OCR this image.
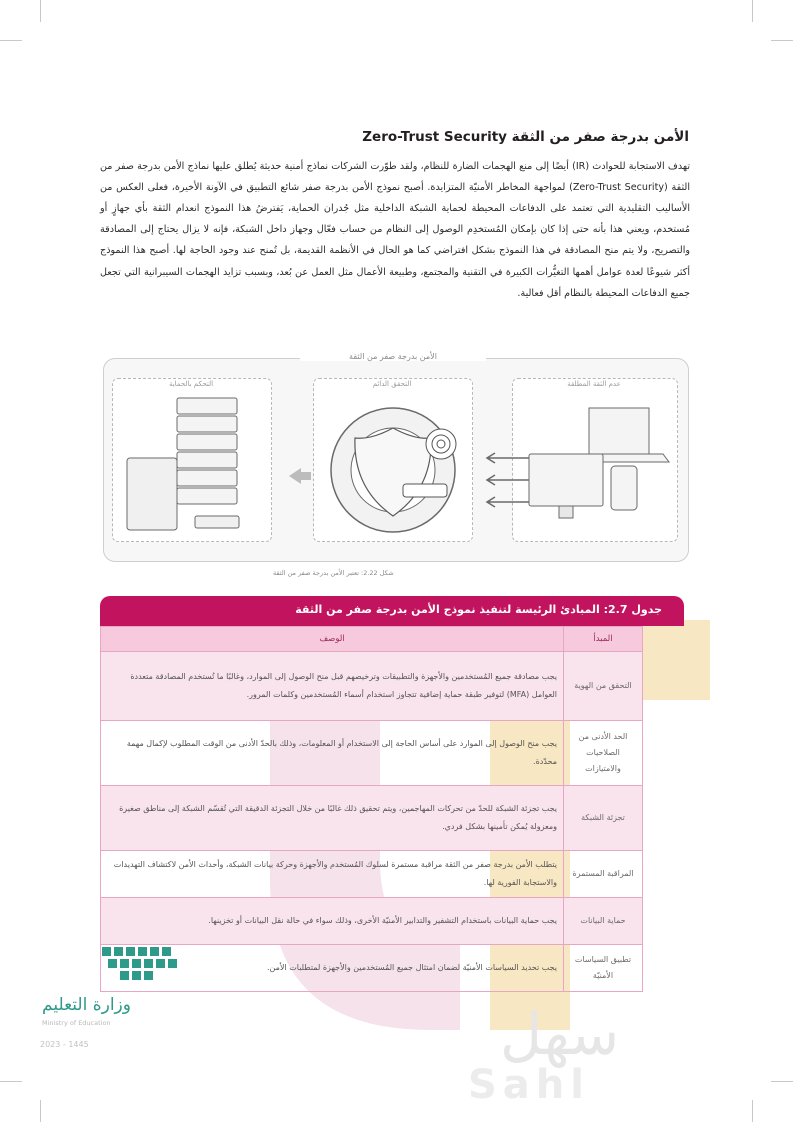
الأمن بدرجة صفر من الثقة Zero-Trust Security

تهدف الاستجابة للحوادث (IR) أيضًا إلى منع الهجمات الضارة للنظام، ولقد طوّرت الشركات نماذج أمنية حديثة يُطلق عليها نماذج الأمن بدرجة صفر من الثقة (Zero-Trust Security) لمواجهة المخاطر الأمنيّة المتزايدة. أصبح نموذج الأمن بدرجة صفر شائع التطبيق في الآونة الأخيرة، فعلى العكس من الأساليب التقليدية التي تعتمد على الدفاعات المحيطة لحماية الشبكة الداخلية مثل جُدران الحماية، يَفترضُ هذا النموذج انعدام الثقة بأي جهازٍ أو مُستخدم، ويعني هذا بأنه حتى إذا كان بإمكان المُستخدِم الوصول إلى النظام من حساب فعّال وجهاز داخل الشبكة، فإنه لا يزال يحتاج إلى المصادقة والتصريح، ولا يتم منح المصادقة في هذا النموذج بشكل افتراضي كما هو الحال في الأنظمة القديمة، بل تُمنح عند وجود الحاجة لها. أصبح هذا النموذج أكثر شيوعًا لعدة عوامل أهمها التغيُّرات الكبيرة في التقنية والمجتمع، وطبيعة الأعمال مثل العمل عن بُعد، وبسبب تزايد الهجمات السيبرانية التي تجعل جميع الدفاعات المحيطة بالنظام أقل فعالية.

الأمن بدرجة صفر من الثقة
التحكم بالحماية	التحقق الدائم	عدم الثقة المطلقة
شكل 2.22: تعتبر الأمن بدرجة صفر من الثقة
جدول 2.7: المبادئ الرئيسة لتنفيذ نموذج الأمن بدرجة صفر من الثقة
المبدأ	الوصف
التحقق من الهوية	يجب مصادقة جميع المُستخدمين والأجهزة والتطبيقات وترخيصهم قبل منح الوصول إلى الموارد، وغالبًا ما تُستخدم المصادقة متعددة العوامل (MFA) لتوفير طبقة حماية إضافية تتجاوز استخدام أسماء المُستخدمين وكلمات المرور.
الحد الأدنى من الصلاحيات والامتيازات	يجب منح الوصول إلى الموارد على أساس الحاجة إلى الاستخدام أو المعلومات، وذلك بالحدّ الأدنى من الوقت المطلوب لإكمال مهمة محدّدة.
تجزئة الشبكة	يجب تجزئة الشبكة للحدّ من تحركات المهاجمين، ويتم تحقيق ذلك غالبًا من خلال التجزئة الدقيقة التي تُقسّم الشبكة إلى مناطق صغيرة ومعزولة يُمكن تأمينها بشكل فردي.
المراقبة المستمرة	يتطلب الأمن بدرجة صفر من الثقة مراقبة مستمرة لسلوك المُستخدم والأجهزة وحركة بيانات الشبكة، وأحداث الأمن لاكتشاف التهديدات والاستجابة الفورية لها.
حماية البيانات	يجب حماية البيانات باستخدام التشفير والتدابير الأمنيّة الأخرى، وذلك سواء في حالة نقل البيانات أو تخزينها.
تطبيق السياسات الأمنيّة	يجب تحديد السياسات الأمنيّة لضمان امتثال جميع المُستخدمين والأجهزة لمتطلبات الأمن.
وزارة التعليم
Ministry of Education
2023 - 1445	سهل
Sahl
